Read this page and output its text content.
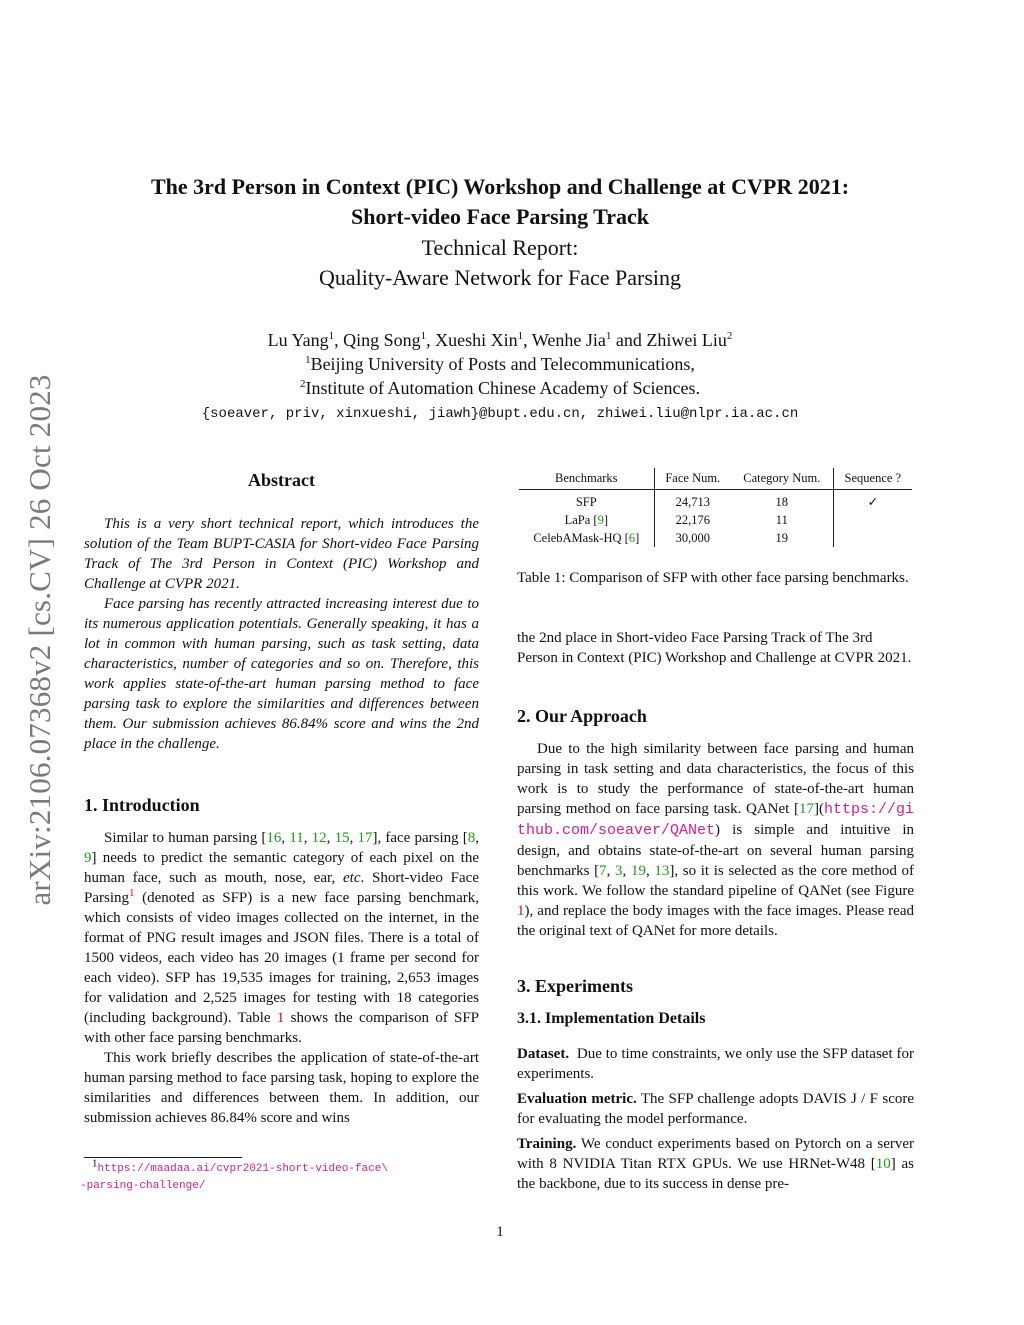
arXiv:2106.07368v2 [cs.CV] 26 Oct 2023
The 3rd Person in Context (PIC) Workshop and Challenge at CVPR 2021:
Short-video Face Parsing Track
Technical Report:
Quality-Aware Network for Face Parsing
Lu Yang$^1$, Qing Song$^1$, Xueshi Xin$^1$, Wenhe Jia$^1$ and Zhiwei Liu$^2$
$^1$Beijing University of Posts and Telecommunications,
$^2$Institute of Automation Chinese Academy of Sciences.
{soeaver, priv, xinxueshi, jiawh}@bupt.edu.cn, zhiwei.liu@nlpr.ia.ac.cn
Abstract

This is a very short technical report, which introduces the solution of the Team BUPT-CASIA for Short-video Face Parsing Track of The 3rd Person in Context (PIC) Workshop and Challenge at CVPR 2021.

Face parsing has recently attracted increasing interest due to its numerous application potentials. Generally speaking, it has a lot in common with human parsing, such as task setting, data characteristics, number of categories and so on. Therefore, this work applies state-of-the-art human parsing method to face parsing task to explore the similarities and differences between them. Our submission achieves 86.84% score and wins the 2nd place in the challenge.

1. Introduction

Similar to human parsing [16, 11, 12, 15, 17], face parsing [8, 9] needs to predict the semantic category of each pixel on the human face, such as mouth, nose, ear, etc. Short-video Face Parsing$^1$ (denoted as SFP) is a new face parsing benchmark, which consists of video images collected on the internet, in the format of PNG result images and JSON files. There is a total of 1500 videos, each video has 20 images (1 frame per second for each video). SFP has 19,535 images for training, 2,653 images for validation and 2,525 images for testing with 18 categories (including background). Table 1 shows the comparison of SFP with other face parsing benchmarks.

This work briefly describes the application of state-of-the-art human parsing method to face parsing task, hoping to explore the similarities and differences between them. In addition, our submission achieves 86.84% score and wins

$^1$https://maadaa.ai/cvpr2021-short-video-face\
-parsing-challenge/
Benchmarks	Face Num.	Category Num.	Sequence ?
SFP	24,713	18	✓
LaPa [9]	22,176	11	
CelebAMask-HQ [6]	30,000	19	
Table 1: Comparison of SFP with other face parsing benchmarks.
the 2nd place in Short-video Face Parsing Track of The 3rd Person in Context (PIC) Workshop and Challenge at CVPR 2021.
2. Our Approach

Due to the high similarity between face parsing and human parsing in task setting and data characteristics, the focus of this work is to study the performance of state-of-the-art human parsing method on face parsing task. QANet [17](https://github.com/soeaver/QANet) is simple and intuitive in design, and obtains state-of-the-art on several human parsing benchmarks [7, 3, 19, 13], so it is selected as the core method of this work. We follow the standard pipeline of QANet (see Figure 1), and replace the body images with the face images. Please read the original text of QANet for more details.

3. Experiments
3.1. Implementation Details
Dataset. Due to time constraints, we only use the SFP dataset for experiments.
Evaluation metric. The SFP challenge adopts DAVIS J / F score for evaluating the model performance.
Training. We conduct experiments based on Pytorch on a server with 8 NVIDIA Titan RTX GPUs. We use HRNet-W48 [10] as the backbone, due to its success in dense pre-
1
